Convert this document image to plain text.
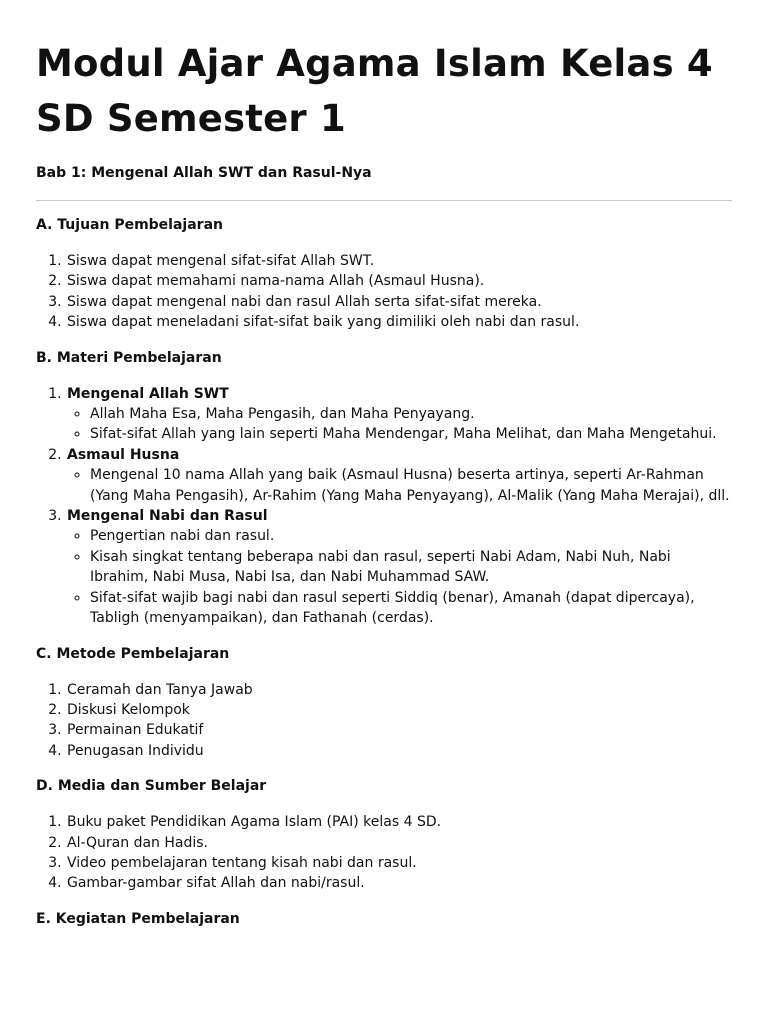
Modul Ajar Agama Islam Kelas 4 SD Semester 1
Bab 1: Mengenal Allah SWT dan Rasul-Nya
A. Tujuan Pembelajaran
1. Siswa dapat mengenal sifat-sifat Allah SWT.
2. Siswa dapat memahami nama-nama Allah (Asmaul Husna).
3. Siswa dapat mengenal nabi dan rasul Allah serta sifat-sifat mereka.
4. Siswa dapat meneladani sifat-sifat baik yang dimiliki oleh nabi dan rasul.
B. Materi Pembelajaran
1. Mengenal Allah SWT
◦ Allah Maha Esa, Maha Pengasih, dan Maha Penyayang.
◦ Sifat-sifat Allah yang lain seperti Maha Mendengar, Maha Melihat, dan Maha Mengetahui.
2. Asmaul Husna
◦ Mengenal 10 nama Allah yang baik (Asmaul Husna) beserta artinya, seperti Ar-Rahman (Yang Maha Pengasih), Ar-Rahim (Yang Maha Penyayang), Al-Malik (Yang Maha Merajai), dll.
3. Mengenal Nabi dan Rasul
◦ Pengertian nabi dan rasul.
◦ Kisah singkat tentang beberapa nabi dan rasul, seperti Nabi Adam, Nabi Nuh, Nabi Ibrahim, Nabi Musa, Nabi Isa, dan Nabi Muhammad SAW.
◦ Sifat-sifat wajib bagi nabi dan rasul seperti Siddiq (benar), Amanah (dapat dipercaya), Tabligh (menyampaikan), dan Fathanah (cerdas).
C. Metode Pembelajaran
1. Ceramah dan Tanya Jawab
2. Diskusi Kelompok
3. Permainan Edukatif
4. Penugasan Individu
D. Media dan Sumber Belajar
1. Buku paket Pendidikan Agama Islam (PAI) kelas 4 SD.
2. Al-Quran dan Hadis.
3. Video pembelajaran tentang kisah nabi dan rasul.
4. Gambar-gambar sifat Allah dan nabi/rasul.
E. Kegiatan Pembelajaran
